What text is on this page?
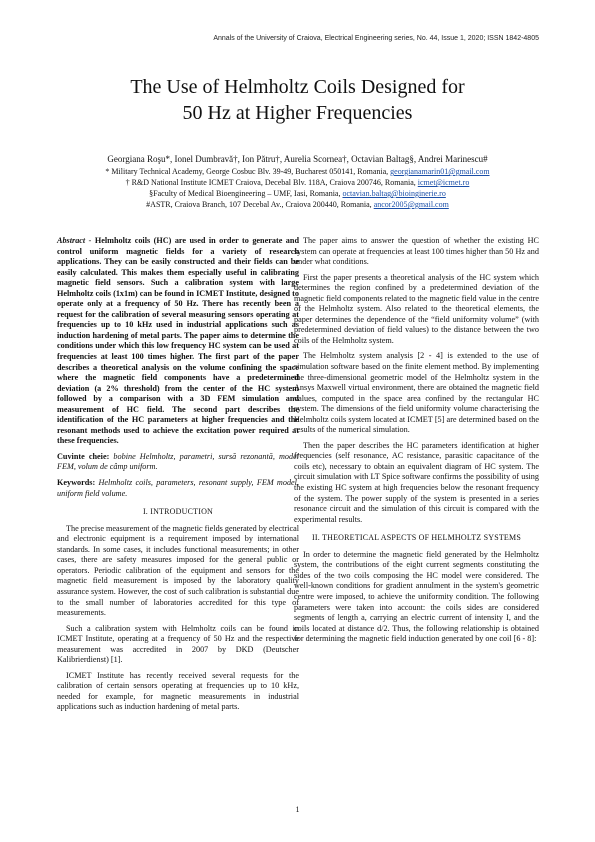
Annals of the University of Craiova, Electrical Engineering series, No. 44, Issue 1, 2020; ISSN 1842-4805
The Use of Helmholtz Coils Designed for
50 Hz at Higher Frequencies
Georgiana Roşu*, Ionel Dumbravă†, Ion Pătru†, Aurelia Scornea†, Octavian Baltag§, Andrei Marinescu#
* Military Technical Academy, George Cosbuc Blv. 39-49, Bucharest 050141, Romania, georgianamarin01@gmail.com
† R&D National Institute ICMET Craiova, Decebal Blv. 118A, Craiova 200746, Romania, icmet@icmet.ro
§Faculty of Medical Bioengineering – UMF, Iasi, Romania, octavian.baltag@bioinginerie.ro
#ASTR, Craiova Branch, 107 Decebal Av., Craiova 200440, Romania, ancor2005@gmail.com

Abstract - Helmholtz coils (HC) are used in order to generate and control uniform magnetic fields for a variety of research applications. They can be easily constructed and their fields can be easily calculated. This makes them especially useful in calibrating magnetic field sensors. Such a calibration system with large Helmholtz coils (1x1m) can be found in ICMET Institute, designed to operate only at a frequency of 50 Hz. There has recently been a request for the calibration of several measuring sensors operating at frequencies up to 10 kHz used in industrial applications such as induction hardening of metal parts. The paper aims to determine the conditions under which this low frequency HC system can be used at frequencies at least 100 times higher. The first part of the paper describes a theoretical analysis on the volume confining the space where the magnetic field components have a predetermined deviation (a 2% threshold) from the center of the HC system followed by a comparison with a 3D FEM simulation and measurement of HC field. The second part describes the identification of the HC parameters at higher frequencies and the resonant methods used to achieve the excitation power required at these frequencies.

Cuvinte cheie: bobine Helmholtz, parametri, sursă rezonantă, model FEM, volum de câmp uniform.

Keywords: Helmholtz coils, parameters, resonant supply, FEM model, uniform field volume.

I. INTRODUCTION

The precise measurement of the magnetic fields generated by electrical and electronic equipment is a requirement imposed by international standards. In some cases, it includes functional measurements; in other cases, there are safety measures imposed for the general public or operators. Periodic calibration of the equipment and sensors for the magnetic field measurement is imposed by the laboratory quality assurance system. However, the cost of such calibration is substantial due to the small number of laboratories accredited for this type of measurements.

Such a calibration system with Helmholtz coils can be found in ICMET Institute, operating at a frequency of 50 Hz and the respective measurement was accredited in 2007 by DKD (Deutscher Kalibrierdienst) [1].

ICMET Institute has recently received several requests for the calibration of certain sensors operating at frequencies up to 10 kHz, needed for example, for magnetic measurements in industrial applications such as induction hardening of metal parts.

The paper aims to answer the question of whether the existing HC system can operate at frequencies at least 100 times higher than 50 Hz and under what conditions.

First the paper presents a theoretical analysis of the HC system which determines the region confined by a predetermined deviation of the magnetic field components related to the magnetic field value in the centre of the Helmholtz system. Also related to the theoretical elements, the paper determines the dependence of the “field uniformity volume” (with predetermined deviation of field values) to the distance between the two coils of the Helmholtz system.

The Helmholtz system analysis [2 - 4] is extended to the use of simulation software based on the finite element method. By implementing the three-dimensional geometric model of the Helmholtz system in the Ansys Maxwell virtual environment, there are obtained the magnetic field values, computed in the space area confined by the rectangular HC system. The dimensions of the field uniformity volume characterising the Helmholtz coils system located at ICMET [5] are determined based on the results of the numerical simulation.

Then the paper describes the HC parameters identification at higher frequencies (self resonance, AC resistance, parasitic capacitance of the coils etc), necessary to obtain an equivalent diagram of HC system. The circuit simulation with LT Spice software confirms the possibility of using the existing HC system at high frequencies below the resonant frequency of the system. The power supply of the system is presented in a series resonance circuit and the simulation of this circuit is compared with the experimental results.

II. THEORETICAL ASPECTS OF HELMHOLTZ SYSTEMS

In order to determine the magnetic field generated by the Helmholtz system, the contributions of the eight current segments constituting the sides of the two coils composing the HC model were considered. The well-known conditions for gradient annulment in the system's geometric centre were imposed, to achieve the uniformity condition. The following parameters were taken into account: the coils sides are considered segments of length a, carrying an electric current of intensity I, and the coils located at distance d/2. Thus, the following relationship is obtained for determining the magnetic field induction generated by one coil [6 - 8]:

1
